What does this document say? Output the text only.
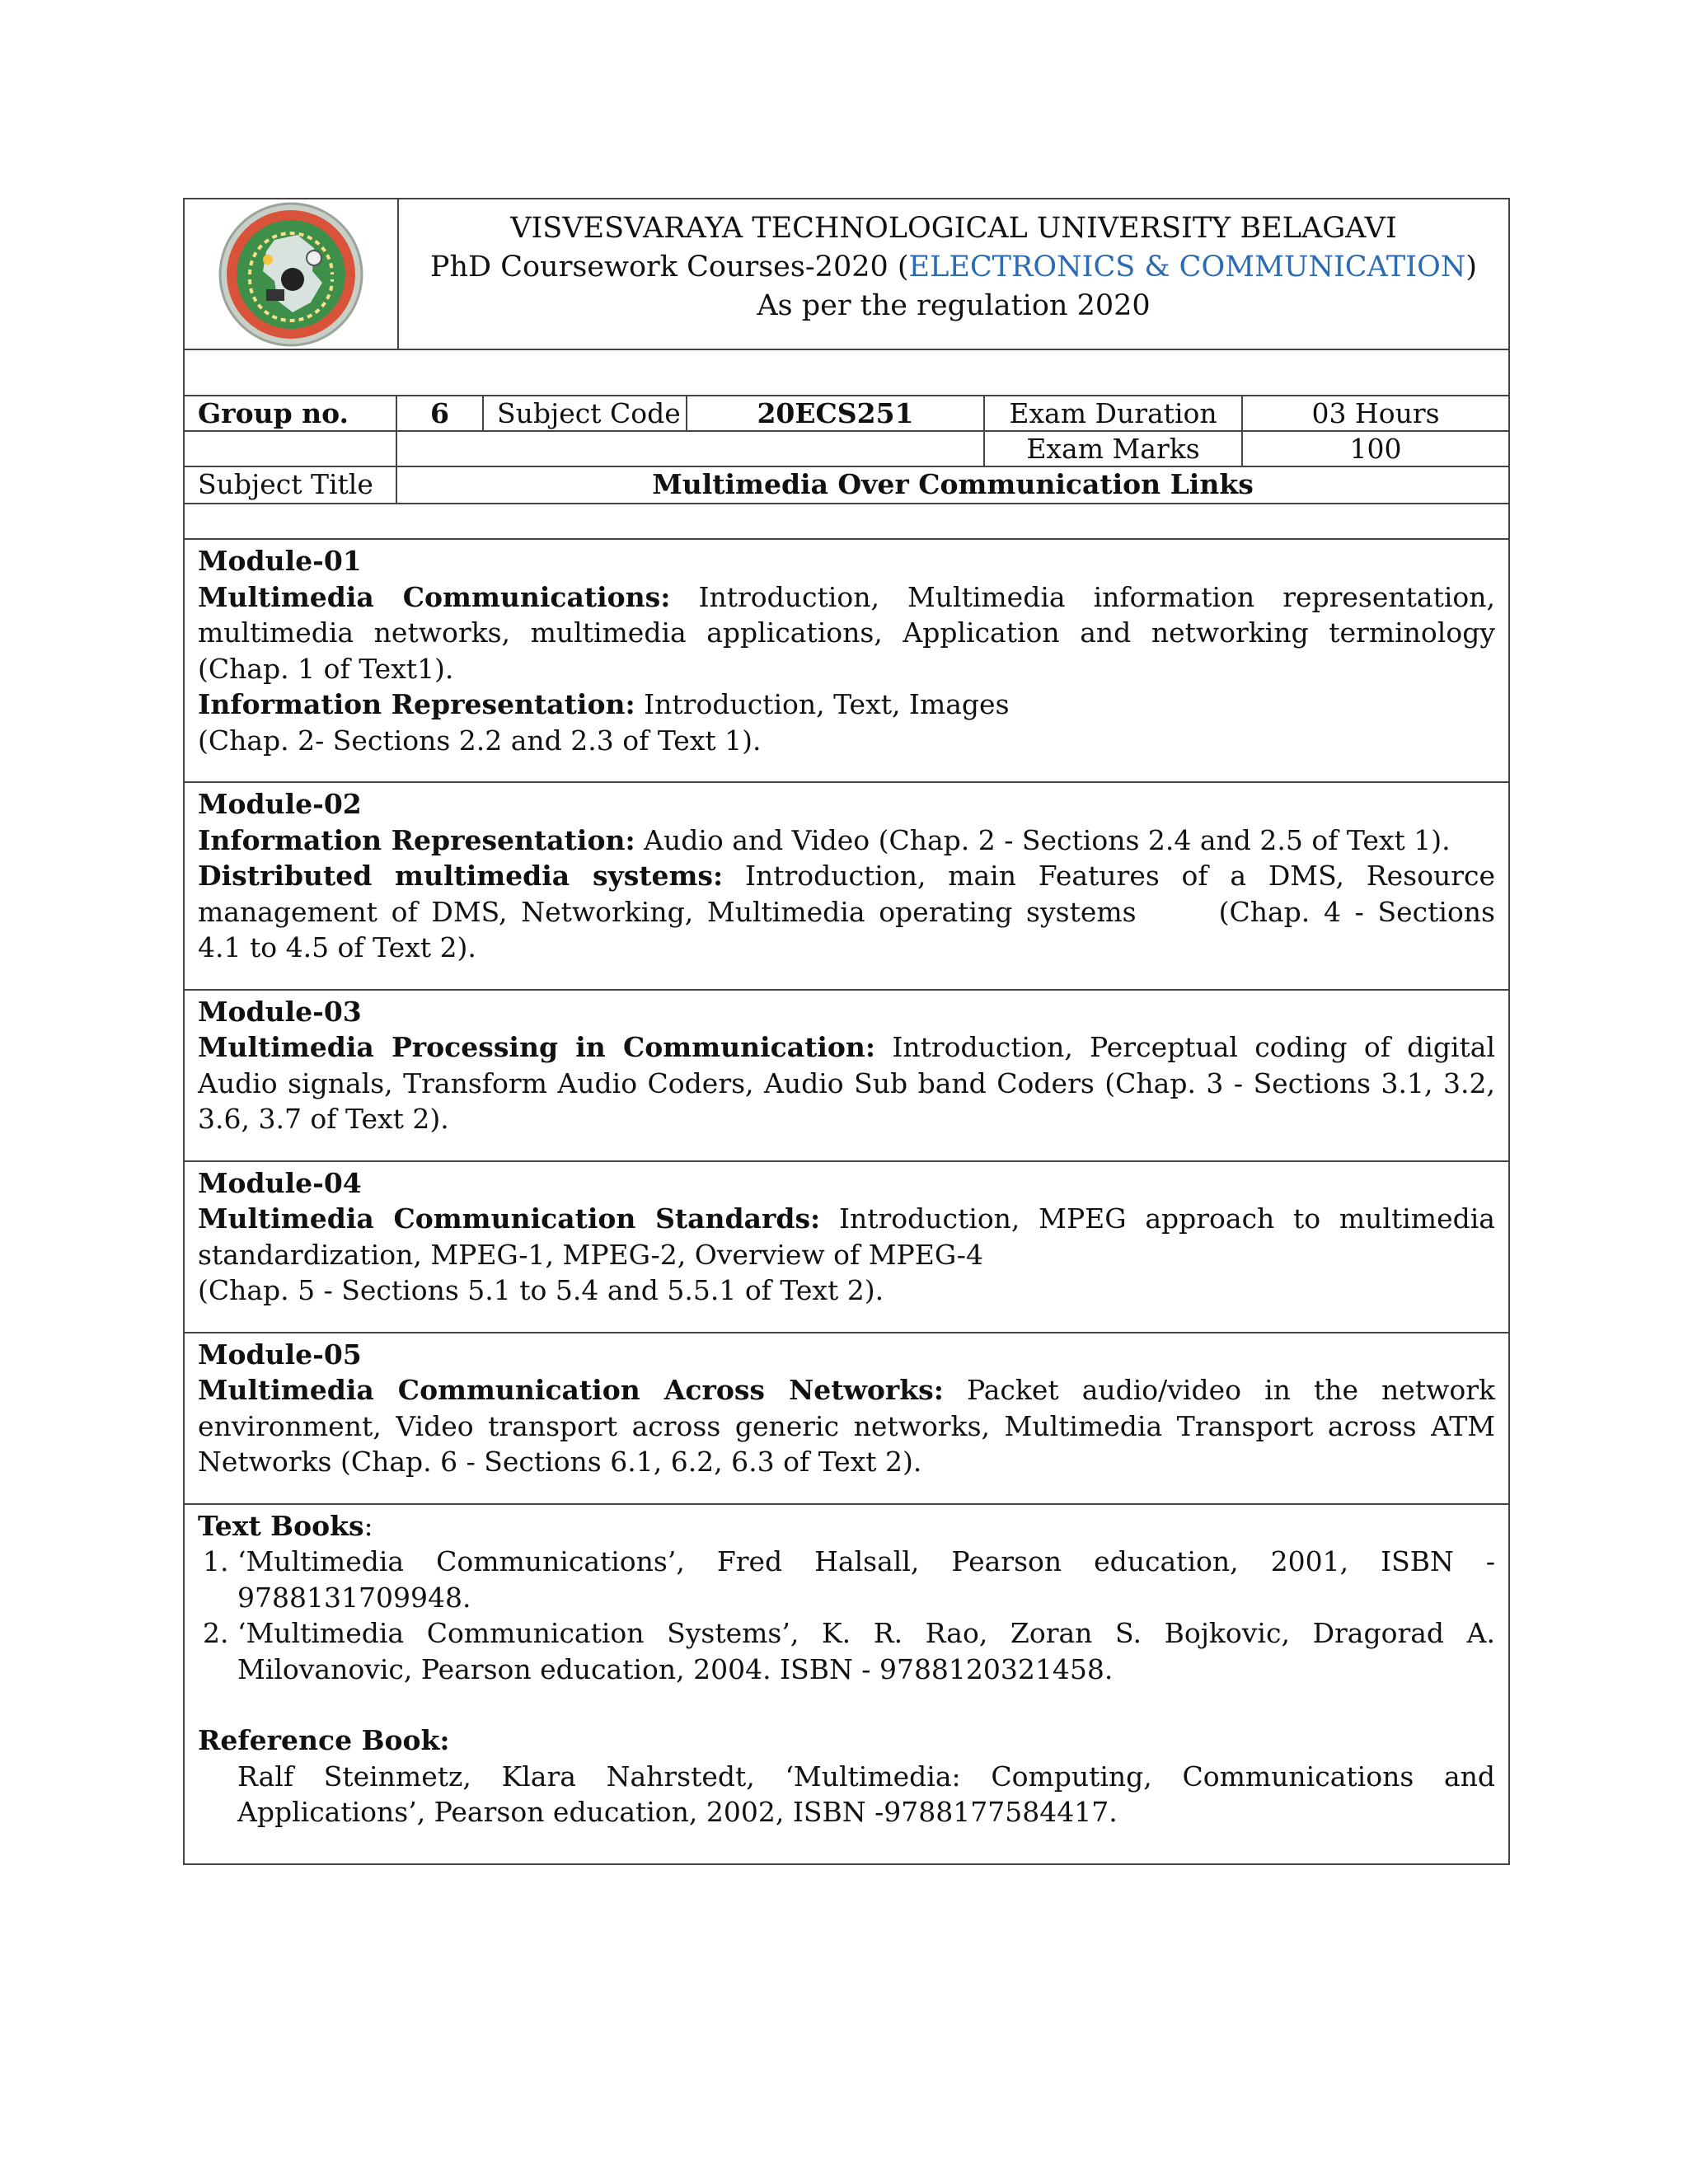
VISVESVARAYA TECHNOLOGICAL UNIVERSITY BELAGAVI
PhD Coursework Courses-2020 (ELECTRONICS & COMMUNICATION)
As per the regulation 2020
Group no.	6	Subject Code	20ECS251	Exam Duration	03 Hours
Exam Marks	100
Subject Title	Multimedia Over Communication Links
Module-01

Multimedia Communications: Introduction, Multimedia information representation, multimedia networks, multimedia applications, Application and networking terminology (Chap. 1 of Text1).

Information Representation: Introduction, Text, Images

(Chap. 2- Sections 2.2 and 2.3 of Text 1).

Module-02

Information Representation: Audio and Video (Chap. 2 - Sections 2.4 and 2.5 of Text 1).

Distributed multimedia systems: Introduction, main Features of a DMS, Resource management of DMS, Networking, Multimedia operating systems	(Chap. 4 - Sections 4.1 to 4.5 of Text 2).

Module-03

Multimedia Processing in Communication: Introduction, Perceptual coding of digital Audio signals, Transform Audio Coders, Audio Sub band Coders (Chap. 3 - Sections 3.1, 3.2, 3.6, 3.7 of Text 2).

Module-04

Multimedia Communication Standards: Introduction, MPEG approach to multimedia standardization, MPEG-1, MPEG-2, Overview of MPEG-4

(Chap. 5 - Sections 5.1 to 5.4 and 5.5.1 of Text 2).

Module-05

Multimedia Communication Across Networks: Packet audio/video in the network environment, Video transport across generic networks, Multimedia Transport across ATM Networks (Chap. 6 - Sections 6.1, 6.2, 6.3 of Text 2).

Text Books:
1. ‘Multimedia Communications’, Fred Halsall, Pearson education, 2001, ISBN - 9788131709948.
2. ‘Multimedia Communication Systems’, K. R. Rao, Zoran S. Bojkovic, Dragorad A. Milovanovic, Pearson education, 2004. ISBN - 9788120321458.
Reference Book:
Ralf Steinmetz, Klara Nahrstedt, ‘Multimedia: Computing, Communications and Applications’, Pearson education, 2002, ISBN -9788177584417.
